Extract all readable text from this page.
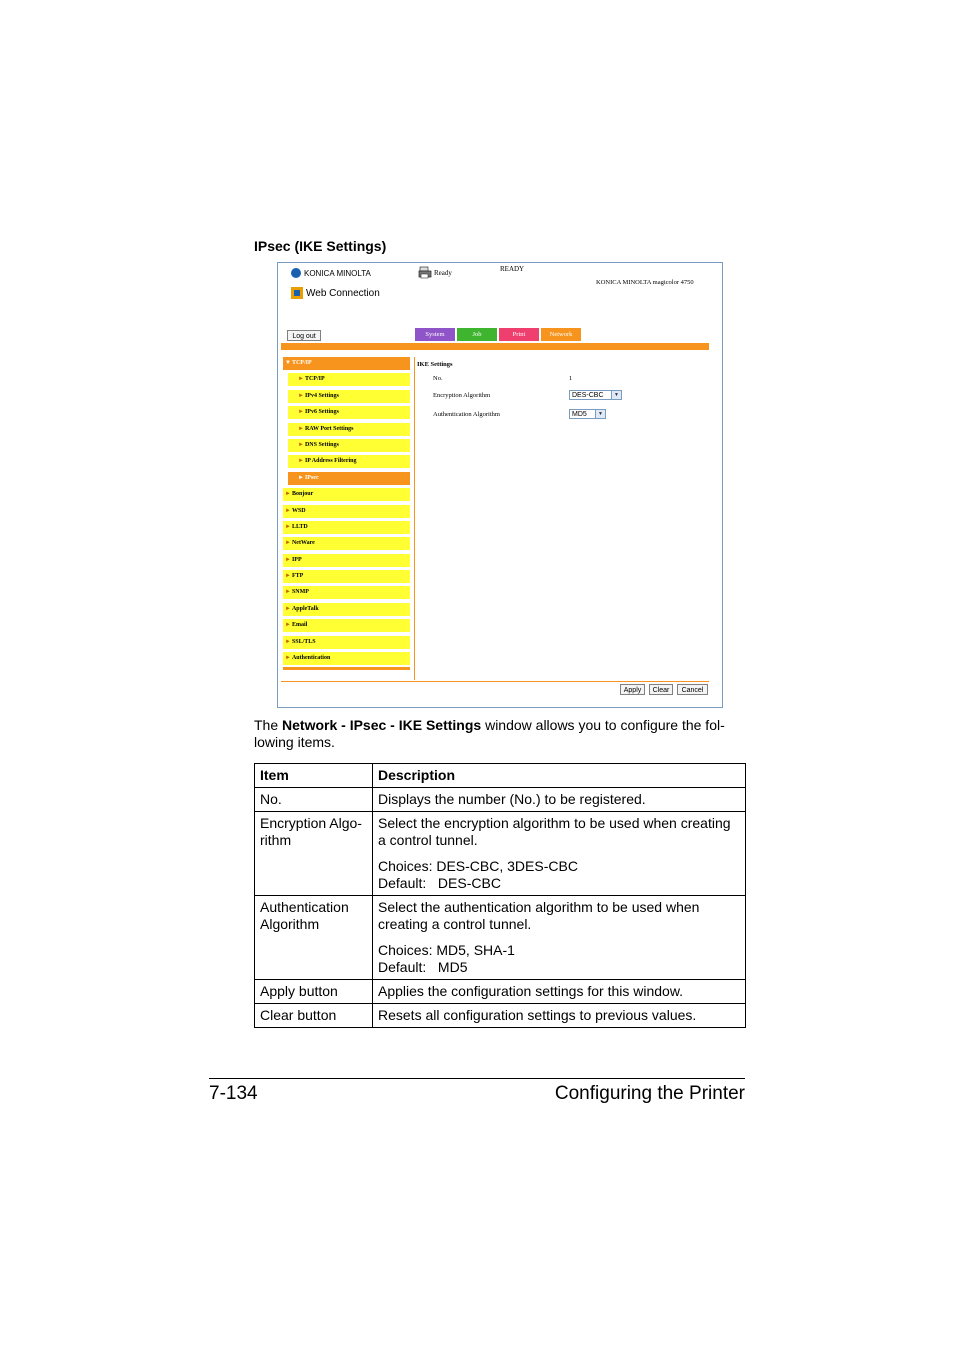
IPsec (IKE Settings)
KONICA MINOLTA
Web Connection
Ready	READY
KONICA MINOLTA magicolor 4750
Log out	System	Job	Print	Network
▼TCP/IP
►TCP/IP
►IPv4 Settings
►IPv6 Settings
►RAW Port Settings
►DNS Settings
►IP Address Filtering
►IPsec
►Bonjour
►WSD
►LLTD
►NetWare
►IPP
►FTP
►SNMP
►AppleTalk
►Email
►SSL/TLS
►Authentication
IKE Settings
No.	1
Encryption Algorithm	DES-CBC	▼
Authentication Algorithm	MD5	▼
Apply	Clear	Cancel
The Network - IPsec - IKE Settings window allows you to configure the fol-lowing items.
Item	Description
No.	Displays the number (No.) to be registered.

Encryption Algo-rithm	Select the encryption algorithm to be used when creating a control tunnel.

Choices: DES-CBC, 3DES-CBC
Default:   DES-CBC

Authentication Algorithm	Select the authentication algorithm to be used when creating a control tunnel.

Choices: MD5, SHA-1
Default:   MD5

Apply button	Applies the configuration settings for this window.

Clear button	Resets all configuration settings to previous values.

7-134	Configuring the Printer
